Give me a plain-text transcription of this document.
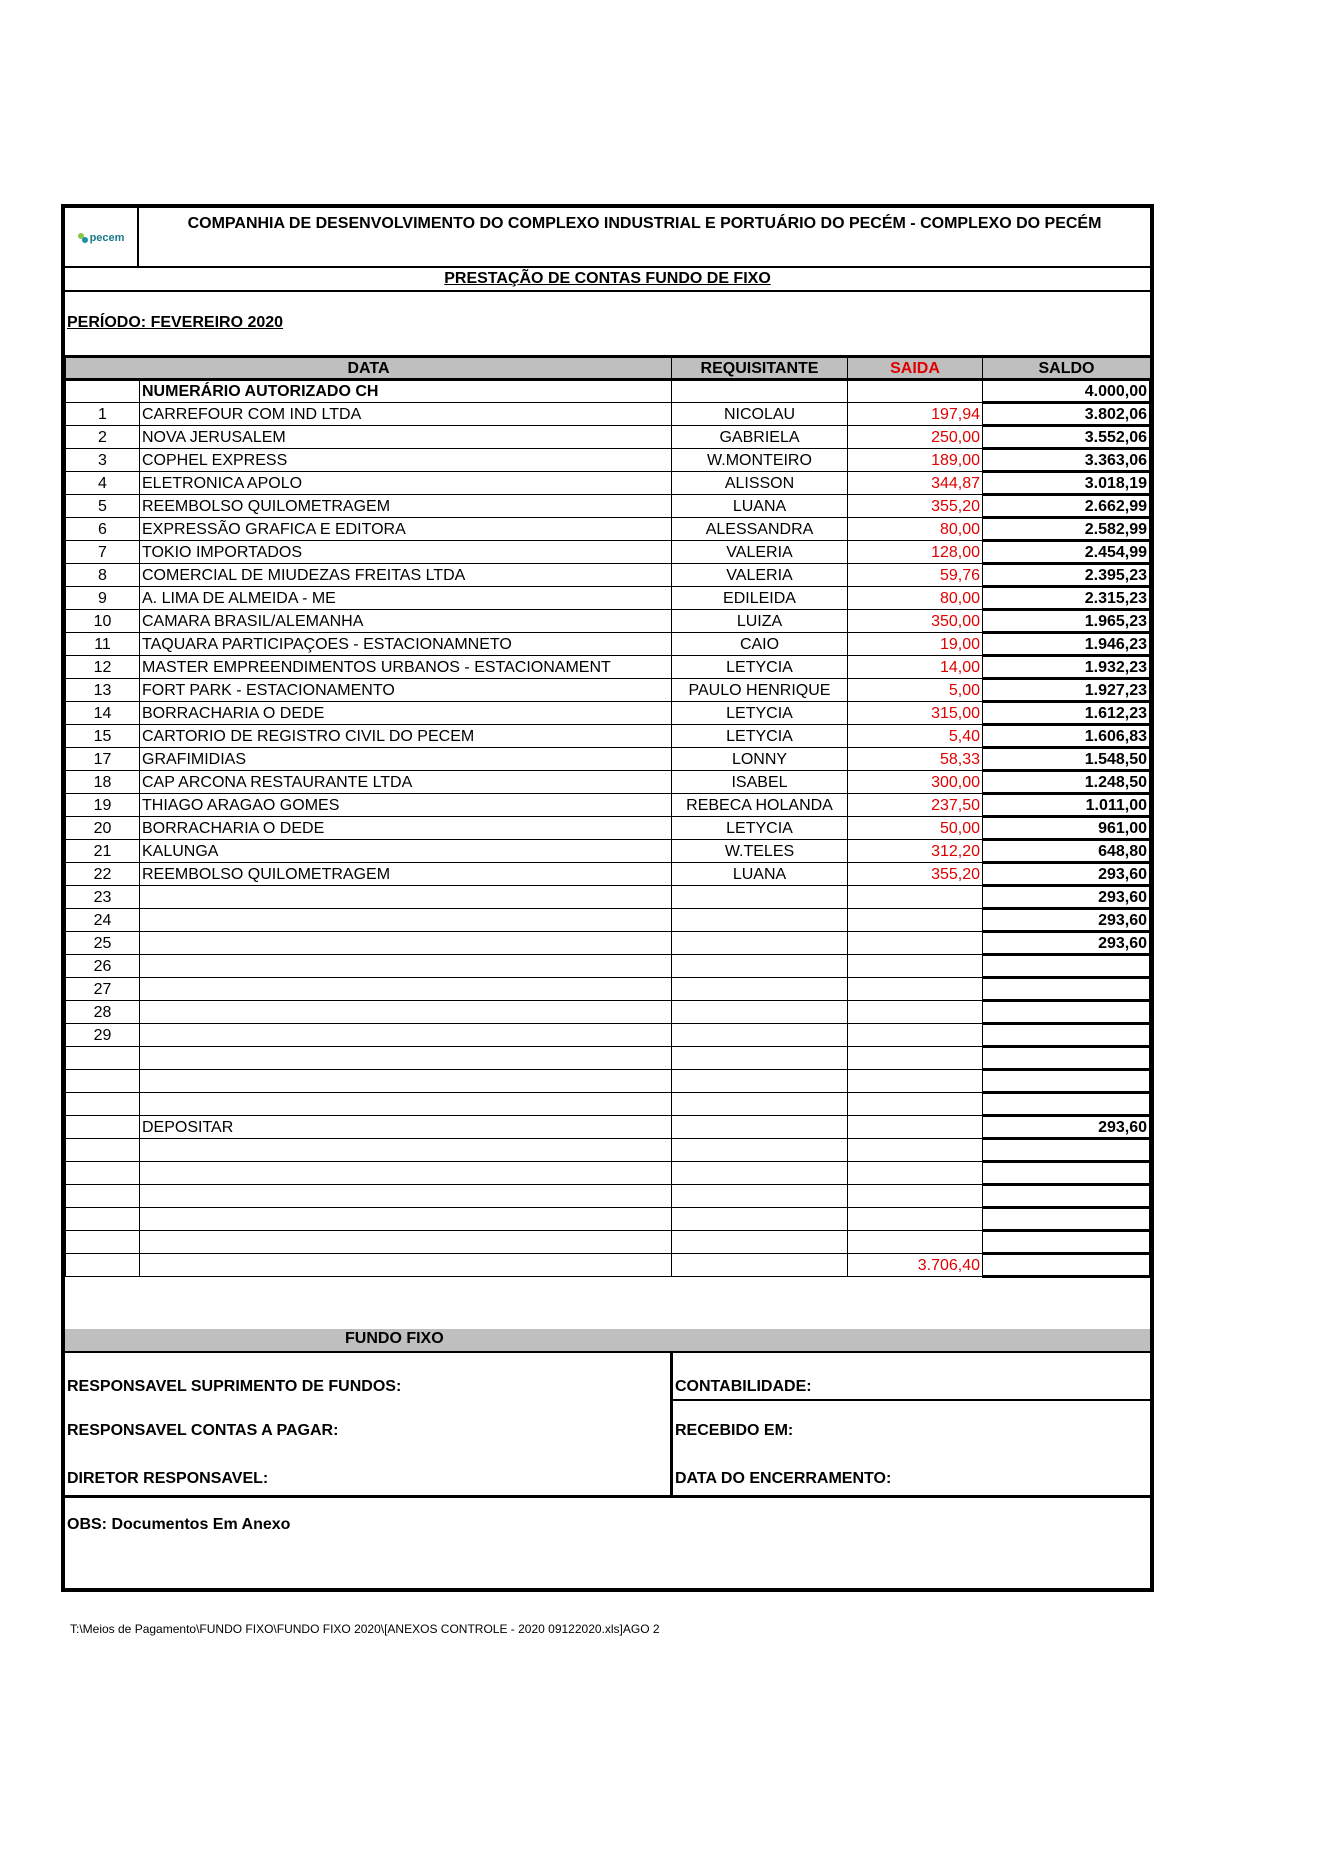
pecem
COMPANHIA DE DESENVOLVIMENTO DO COMPLEXO INDUSTRIAL E PORTUÁRIO DO PECÉM - COMPLEXO DO PECÉM
PRESTAÇÃO DE CONTAS FUNDO DE FIXO
PERÍODO: FEVEREIRO 2020
DATA		REQUISITANTE	SAIDA	SALDO
	NUMERÁRIO AUTORIZADO CH			4.000,00
1	CARREFOUR COM IND LTDA	NICOLAU	197,94	3.802,06
2	NOVA JERUSALEM	GABRIELA	250,00	3.552,06
3	COPHEL EXPRESS	W.MONTEIRO	189,00	3.363,06
4	ELETRONICA APOLO	ALISSON	344,87	3.018,19
5	REEMBOLSO QUILOMETRAGEM	LUANA	355,20	2.662,99
6	EXPRESSÃO GRAFICA E EDITORA	ALESSANDRA	80,00	2.582,99
7	TOKIO IMPORTADOS	VALERIA	128,00	2.454,99
8	COMERCIAL DE MIUDEZAS FREITAS LTDA	VALERIA	59,76	2.395,23
9	A. LIMA DE ALMEIDA - ME	EDILEIDA	80,00	2.315,23
10	CAMARA BRASIL/ALEMANHA	LUIZA	350,00	1.965,23
11	TAQUARA PARTICIPAÇOES - ESTACIONAMNETO	CAIO	19,00	1.946,23
12	MASTER EMPREENDIMENTOS URBANOS - ESTACIONAMENT	LETYCIA	14,00	1.932,23
13	FORT PARK - ESTACIONAMENTO	PAULO HENRIQUE	5,00	1.927,23
14	BORRACHARIA O DEDE	LETYCIA	315,00	1.612,23
15	CARTORIO DE REGISTRO CIVIL DO PECEM	LETYCIA	5,40	1.606,83
17	GRAFIMIDIAS	LONNY	58,33	1.548,50
18	CAP ARCONA RESTAURANTE LTDA	ISABEL	300,00	1.248,50
19	THIAGO ARAGAO GOMES	REBECA HOLANDA	237,50	1.011,00
20	BORRACHARIA O DEDE	LETYCIA	50,00	961,00
21	KALUNGA	W.TELES	312,20	648,80
22	REEMBOLSO QUILOMETRAGEM	LUANA	355,20	293,60
23				293,60
24				293,60
25				293,60
26				
27				
28				
29				

	DEPOSITAR			293,60

			3.706,40	
FUNDO FIXO
RESPONSAVEL SUPRIMENTO DE FUNDOS:	CONTABILIDADE:
RESPONSAVEL CONTAS A PAGAR:	RECEBIDO EM:
DIRETOR RESPONSAVEL:	DATA DO ENCERRAMENTO:
OBS: Documentos Em Anexo
T:\Meios de Pagamento\FUNDO FIXO\FUNDO FIXO 2020\[ANEXOS CONTROLE - 2020 09122020.xls]AGO 2
